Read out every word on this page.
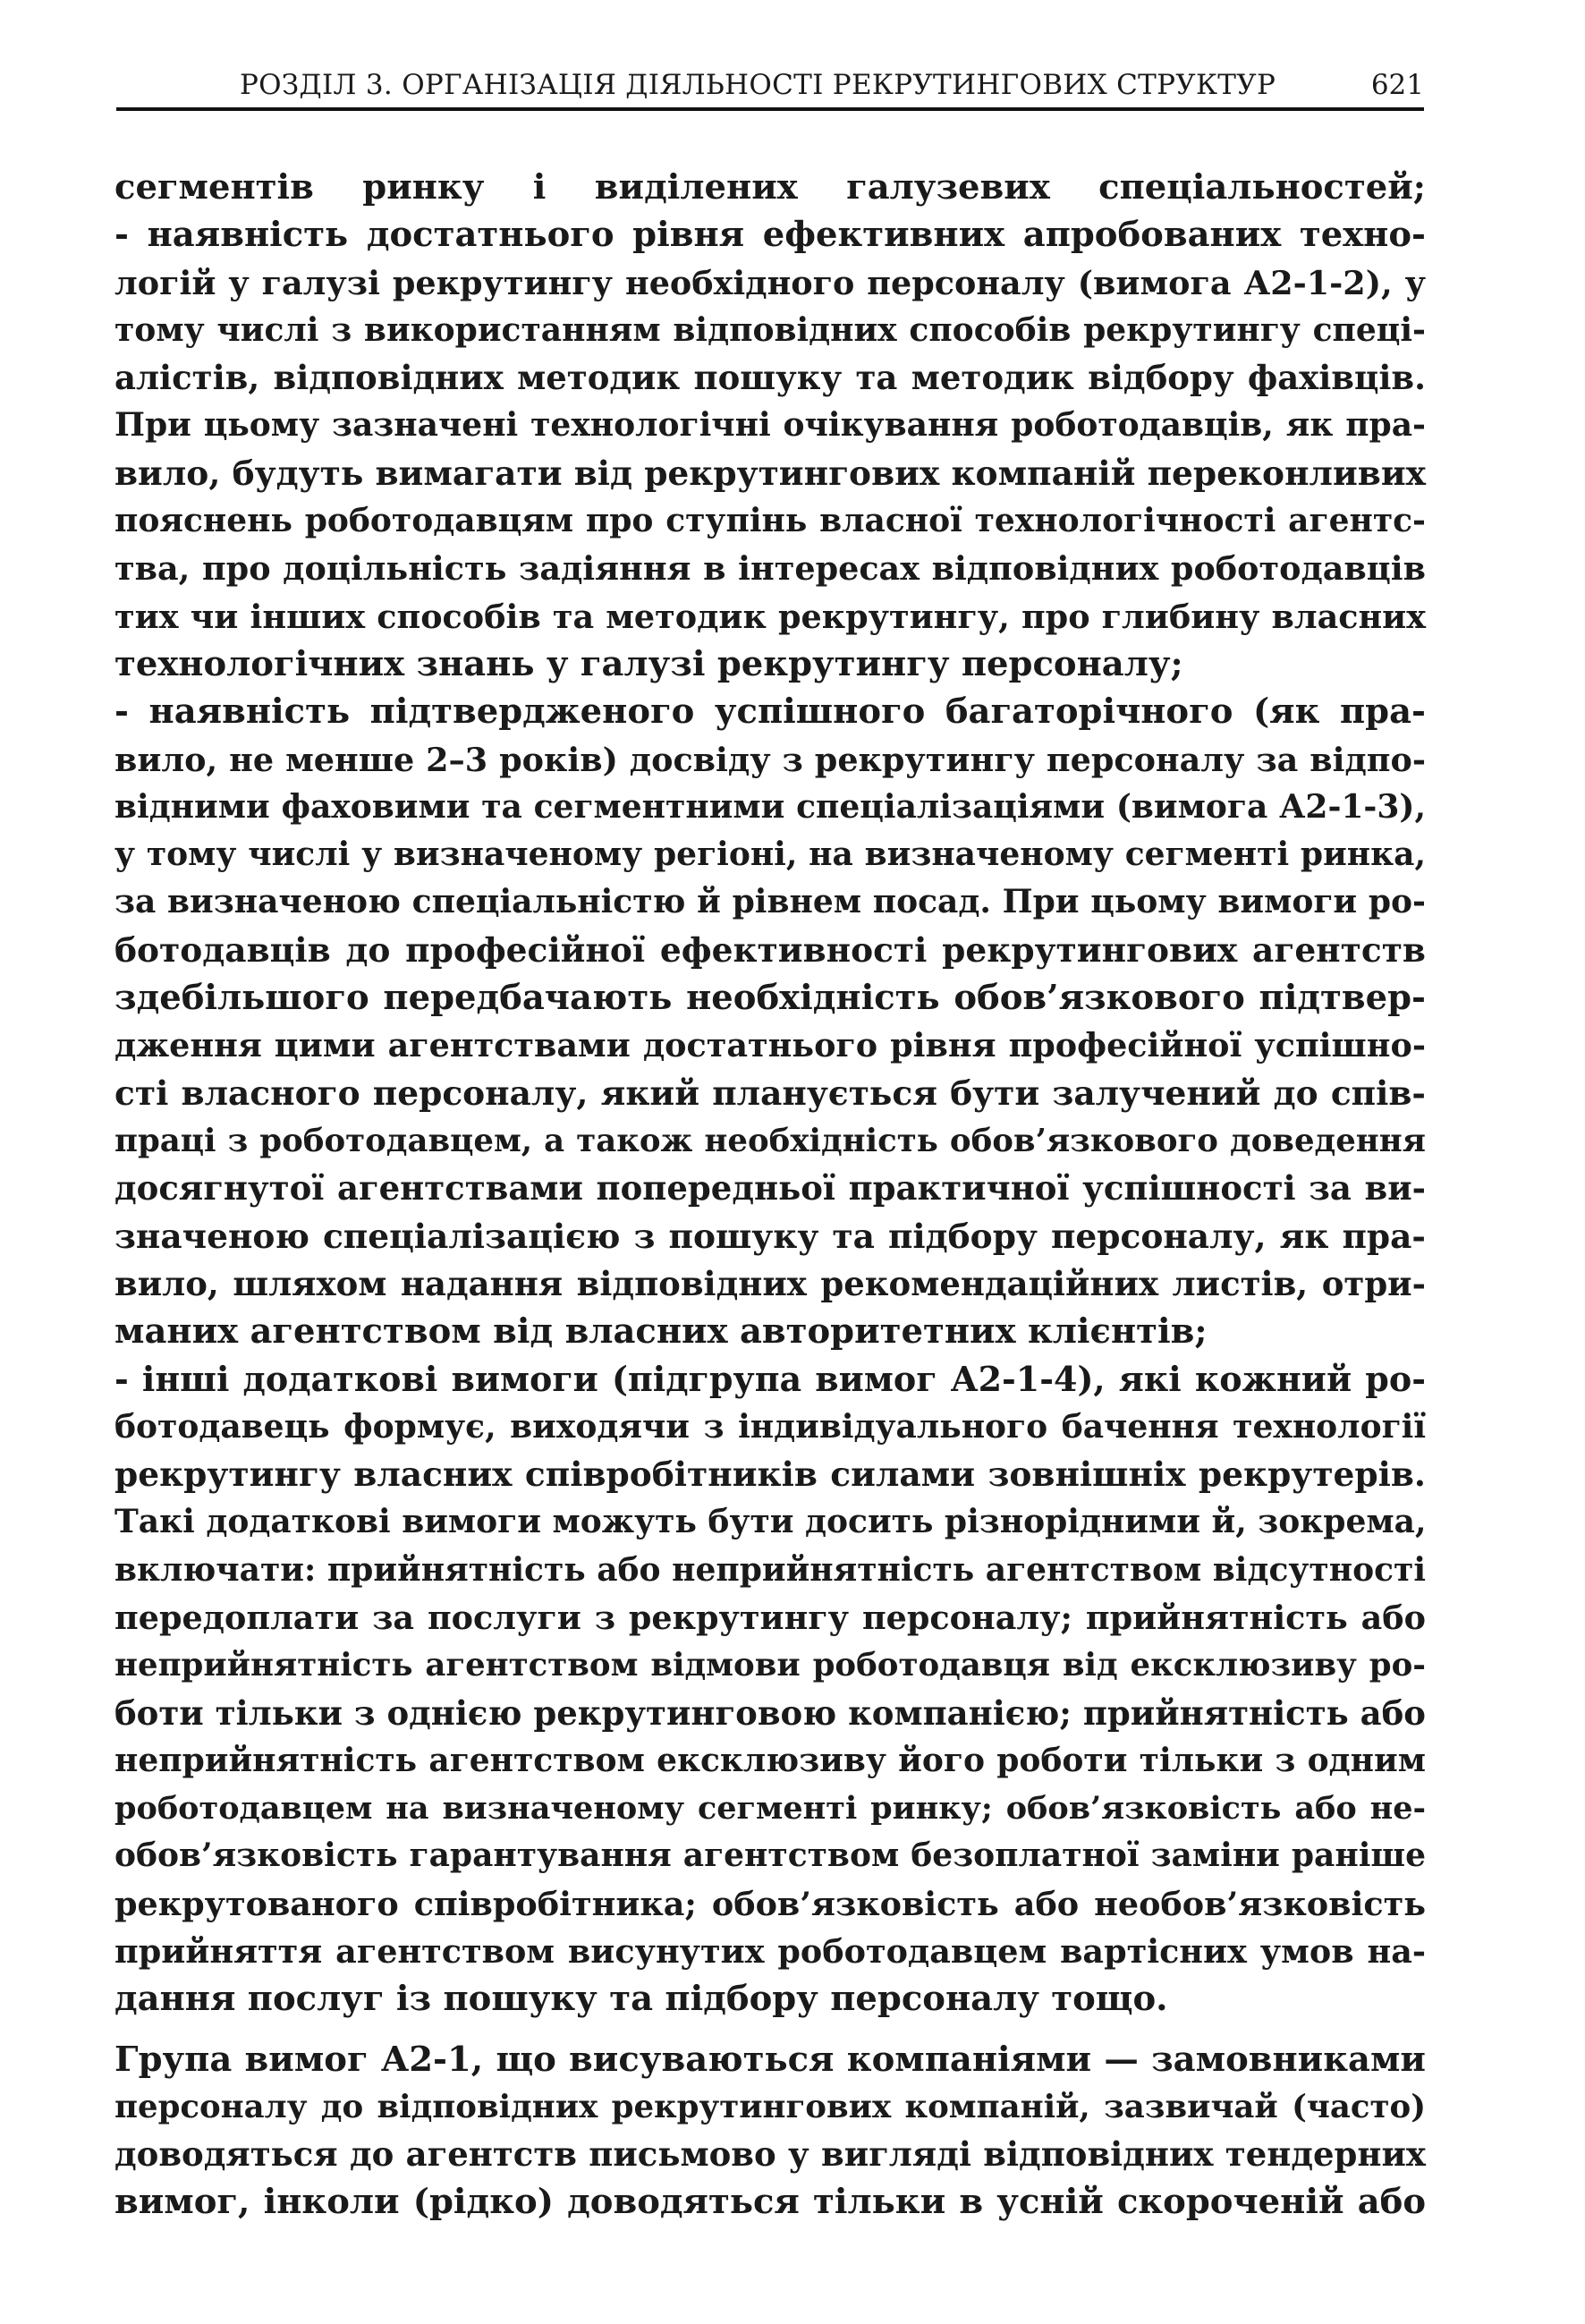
РОЗДІЛ 3. ОРГАНІЗАЦІЯ ДІЯЛЬНОСТІ РЕКРУТИНГОВИХ СТРУКТУР	621
сегментів ринку і виділених галузевих спеціальностей;
- наявність достатнього рівня ефективних апробованих техно-
логій у галузі рекрутингу необхідного персоналу (вимога А2-1-2), у
тому числі з використанням відповідних способів рекрутингу спеці-
алістів, відповідних методик пошуку та методик відбору фахівців.
При цьому зазначені технологічні очікування роботодавців, як пра-
вило, будуть вимагати від рекрутингових компаній переконливих
пояснень роботодавцям про ступінь власної технологічності агентс-
тва, про доцільність задіяння в інтересах відповідних роботодавців
тих чи інших способів та методик рекрутингу, про глибину власних
технологічних знань у галузі рекрутингу персоналу;
- наявність підтвердженого успішного багаторічного (як пра-
вило, не менше 2–3 років) досвіду з рекрутингу персоналу за відпо-
відними фаховими та сегментними спеціалізаціями (вимога А2-1-3),
у тому числі у визначеному регіоні, на визначеному сегменті ринка,
за визначеною спеціальністю й рівнем посад. При цьому вимоги ро-
ботодавців до професійної ефективності рекрутингових агентств
здебільшого передбачають необхідність обов’язкового підтвер-
дження цими агентствами достатнього рівня професійної успішно-
сті власного персоналу, який планується бути залучений до спів-
праці з роботодавцем, а також необхідність обов’язкового доведення
досягнутої агентствами попередньої практичної успішності за ви-
значеною спеціалізацією з пошуку та підбору персоналу, як пра-
вило, шляхом надання відповідних рекомендаційних листів, отри-
маних агентством від власних авторитетних клієнтів;
- інші додаткові вимоги (підгрупа вимог А2-1-4), які кожний ро-
ботодавець формує, виходячи з індивідуального бачення технології
рекрутингу власних співробітників силами зовнішніх рекрутерів.
Такі додаткові вимоги можуть бути досить різнорідними й, зокрема,
включати: прийнятність або неприйнятність агентством відсутності
передоплати за послуги з рекрутингу персоналу; прийнятність або
неприйнятність агентством відмови роботодавця від ексклюзиву ро-
боти тільки з однією рекрутинговою компанією; прийнятність або
неприйнятність агентством ексклюзиву його роботи тільки з одним
роботодавцем на визначеному сегменті ринку; обов’язковість або не-
обов’язковість гарантування агентством безоплатної заміни раніше
рекрутованого співробітника; обов’язковість або необов’язковість
прийняття агентством висунутих роботодавцем вартісних умов на-
дання послуг із пошуку та підбору персоналу тощо.
Група вимог А2-1, що висуваються компаніями — замовниками
персоналу до відповідних рекрутингових компаній, зазвичай (часто)
доводяться до агентств письмово у вигляді відповідних тендерних
вимог, інколи (рідко) доводяться тільки в усній скороченій або
